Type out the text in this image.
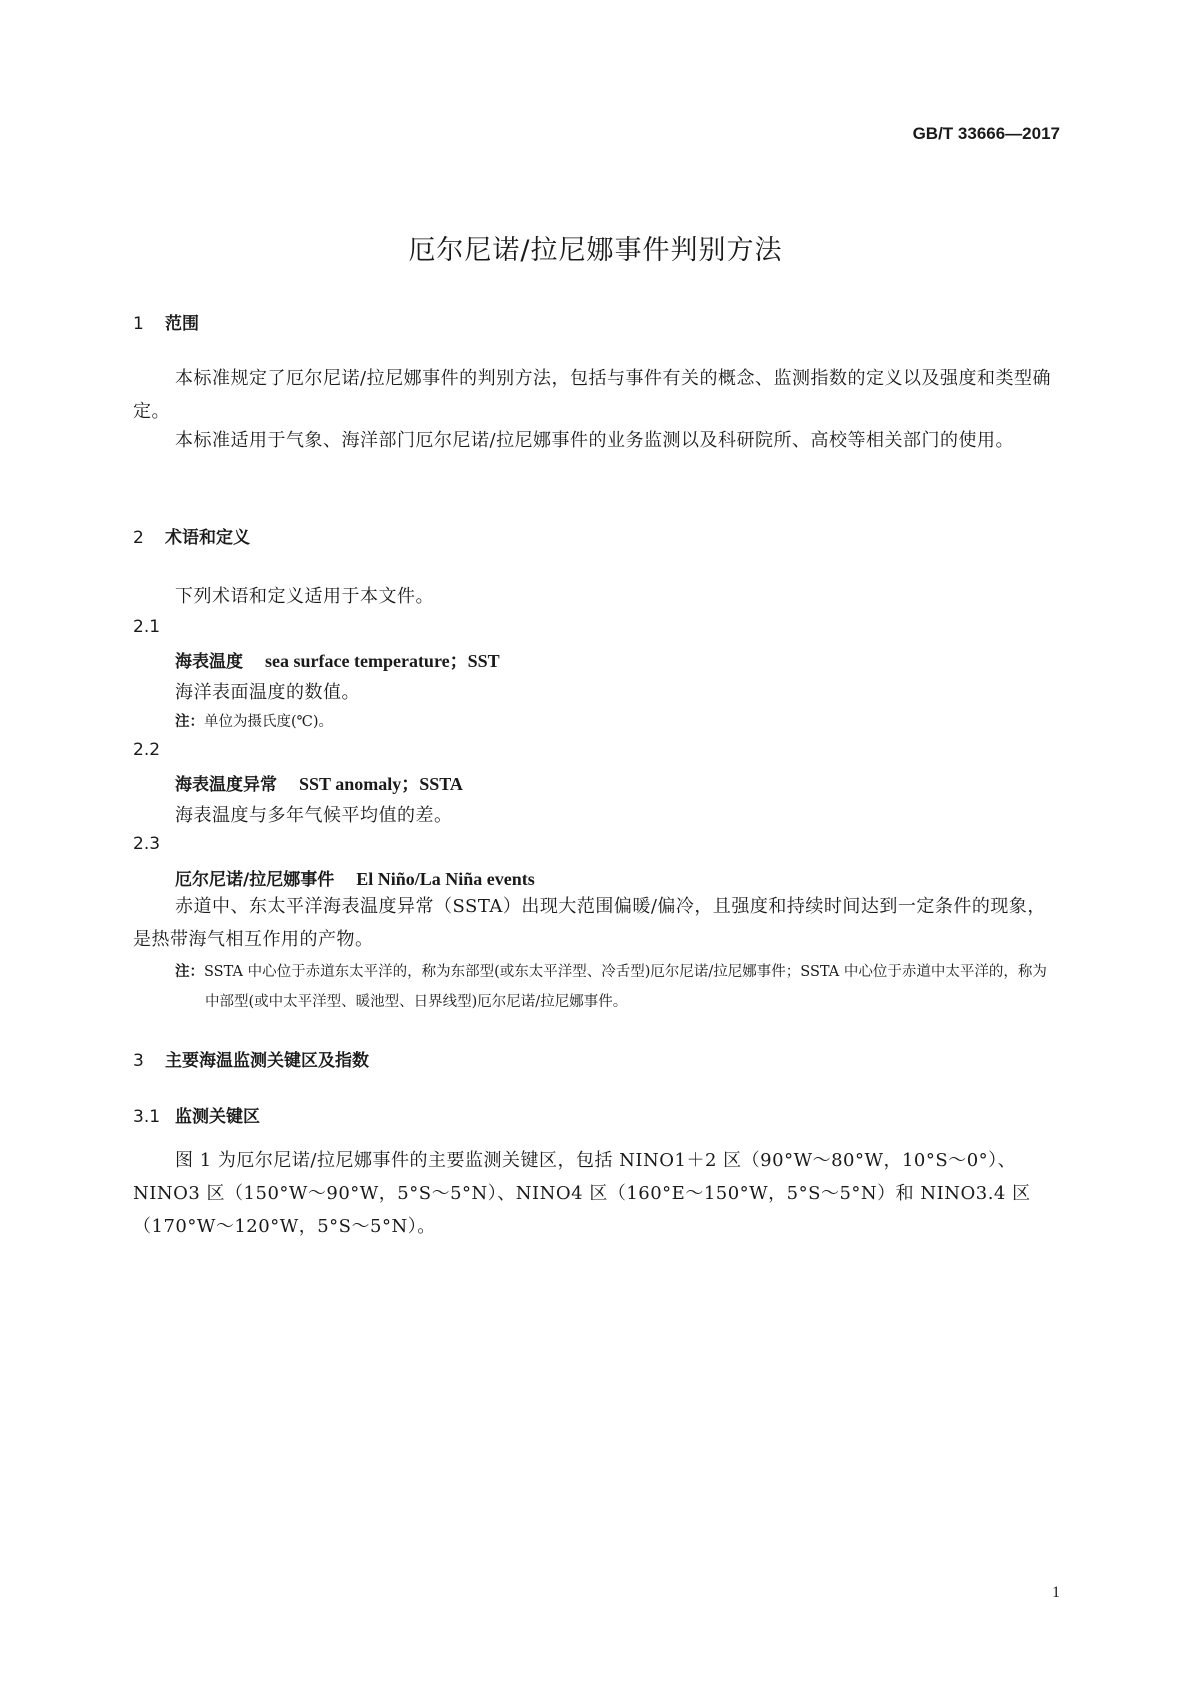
GB/T 33666—2017
厄尔尼诺/拉尼娜事件判别方法
1 范围
本标准规定了厄尔尼诺/拉尼娜事件的判别方法，包括与事件有关的概念、监测指数的定义以及强度和类型确定。
本标准适用于气象、海洋部门厄尔尼诺/拉尼娜事件的业务监测以及科研院所、高校等相关部门的使用。
2 术语和定义
下列术语和定义适用于本文件。
2.1
海表温度 sea surface temperature；SST
海洋表面温度的数值。
注：单位为摄氏度(℃)。
2.2
海表温度异常 SST anomaly；SSTA
海表温度与多年气候平均值的差。
2.3
厄尔尼诺/拉尼娜事件 El Niño/La Niña events
赤道中、东太平洋海表温度异常（SSTA）出现大范围偏暖/偏冷，且强度和持续时间达到一定条件的现象，是热带海气相互作用的产物。
注：SSTA 中心位于赤道东太平洋的，称为东部型(或东太平洋型、冷舌型)厄尔尼诺/拉尼娜事件；SSTA 中心位于赤道中太平洋的，称为中部型(或中太平洋型、暖池型、日界线型)厄尔尼诺/拉尼娜事件。
3 主要海温监测关键区及指数
3.1 监测关键区
图 1 为厄尔尼诺/拉尼娜事件的主要监测关键区，包括 NINO1＋2 区（90°W～80°W，10°S～0°）、NINO3 区（150°W～90°W，5°S～5°N）、NINO4 区（160°E～150°W，5°S～5°N）和 NINO3.4 区（170°W～120°W，5°S～5°N）。
1
